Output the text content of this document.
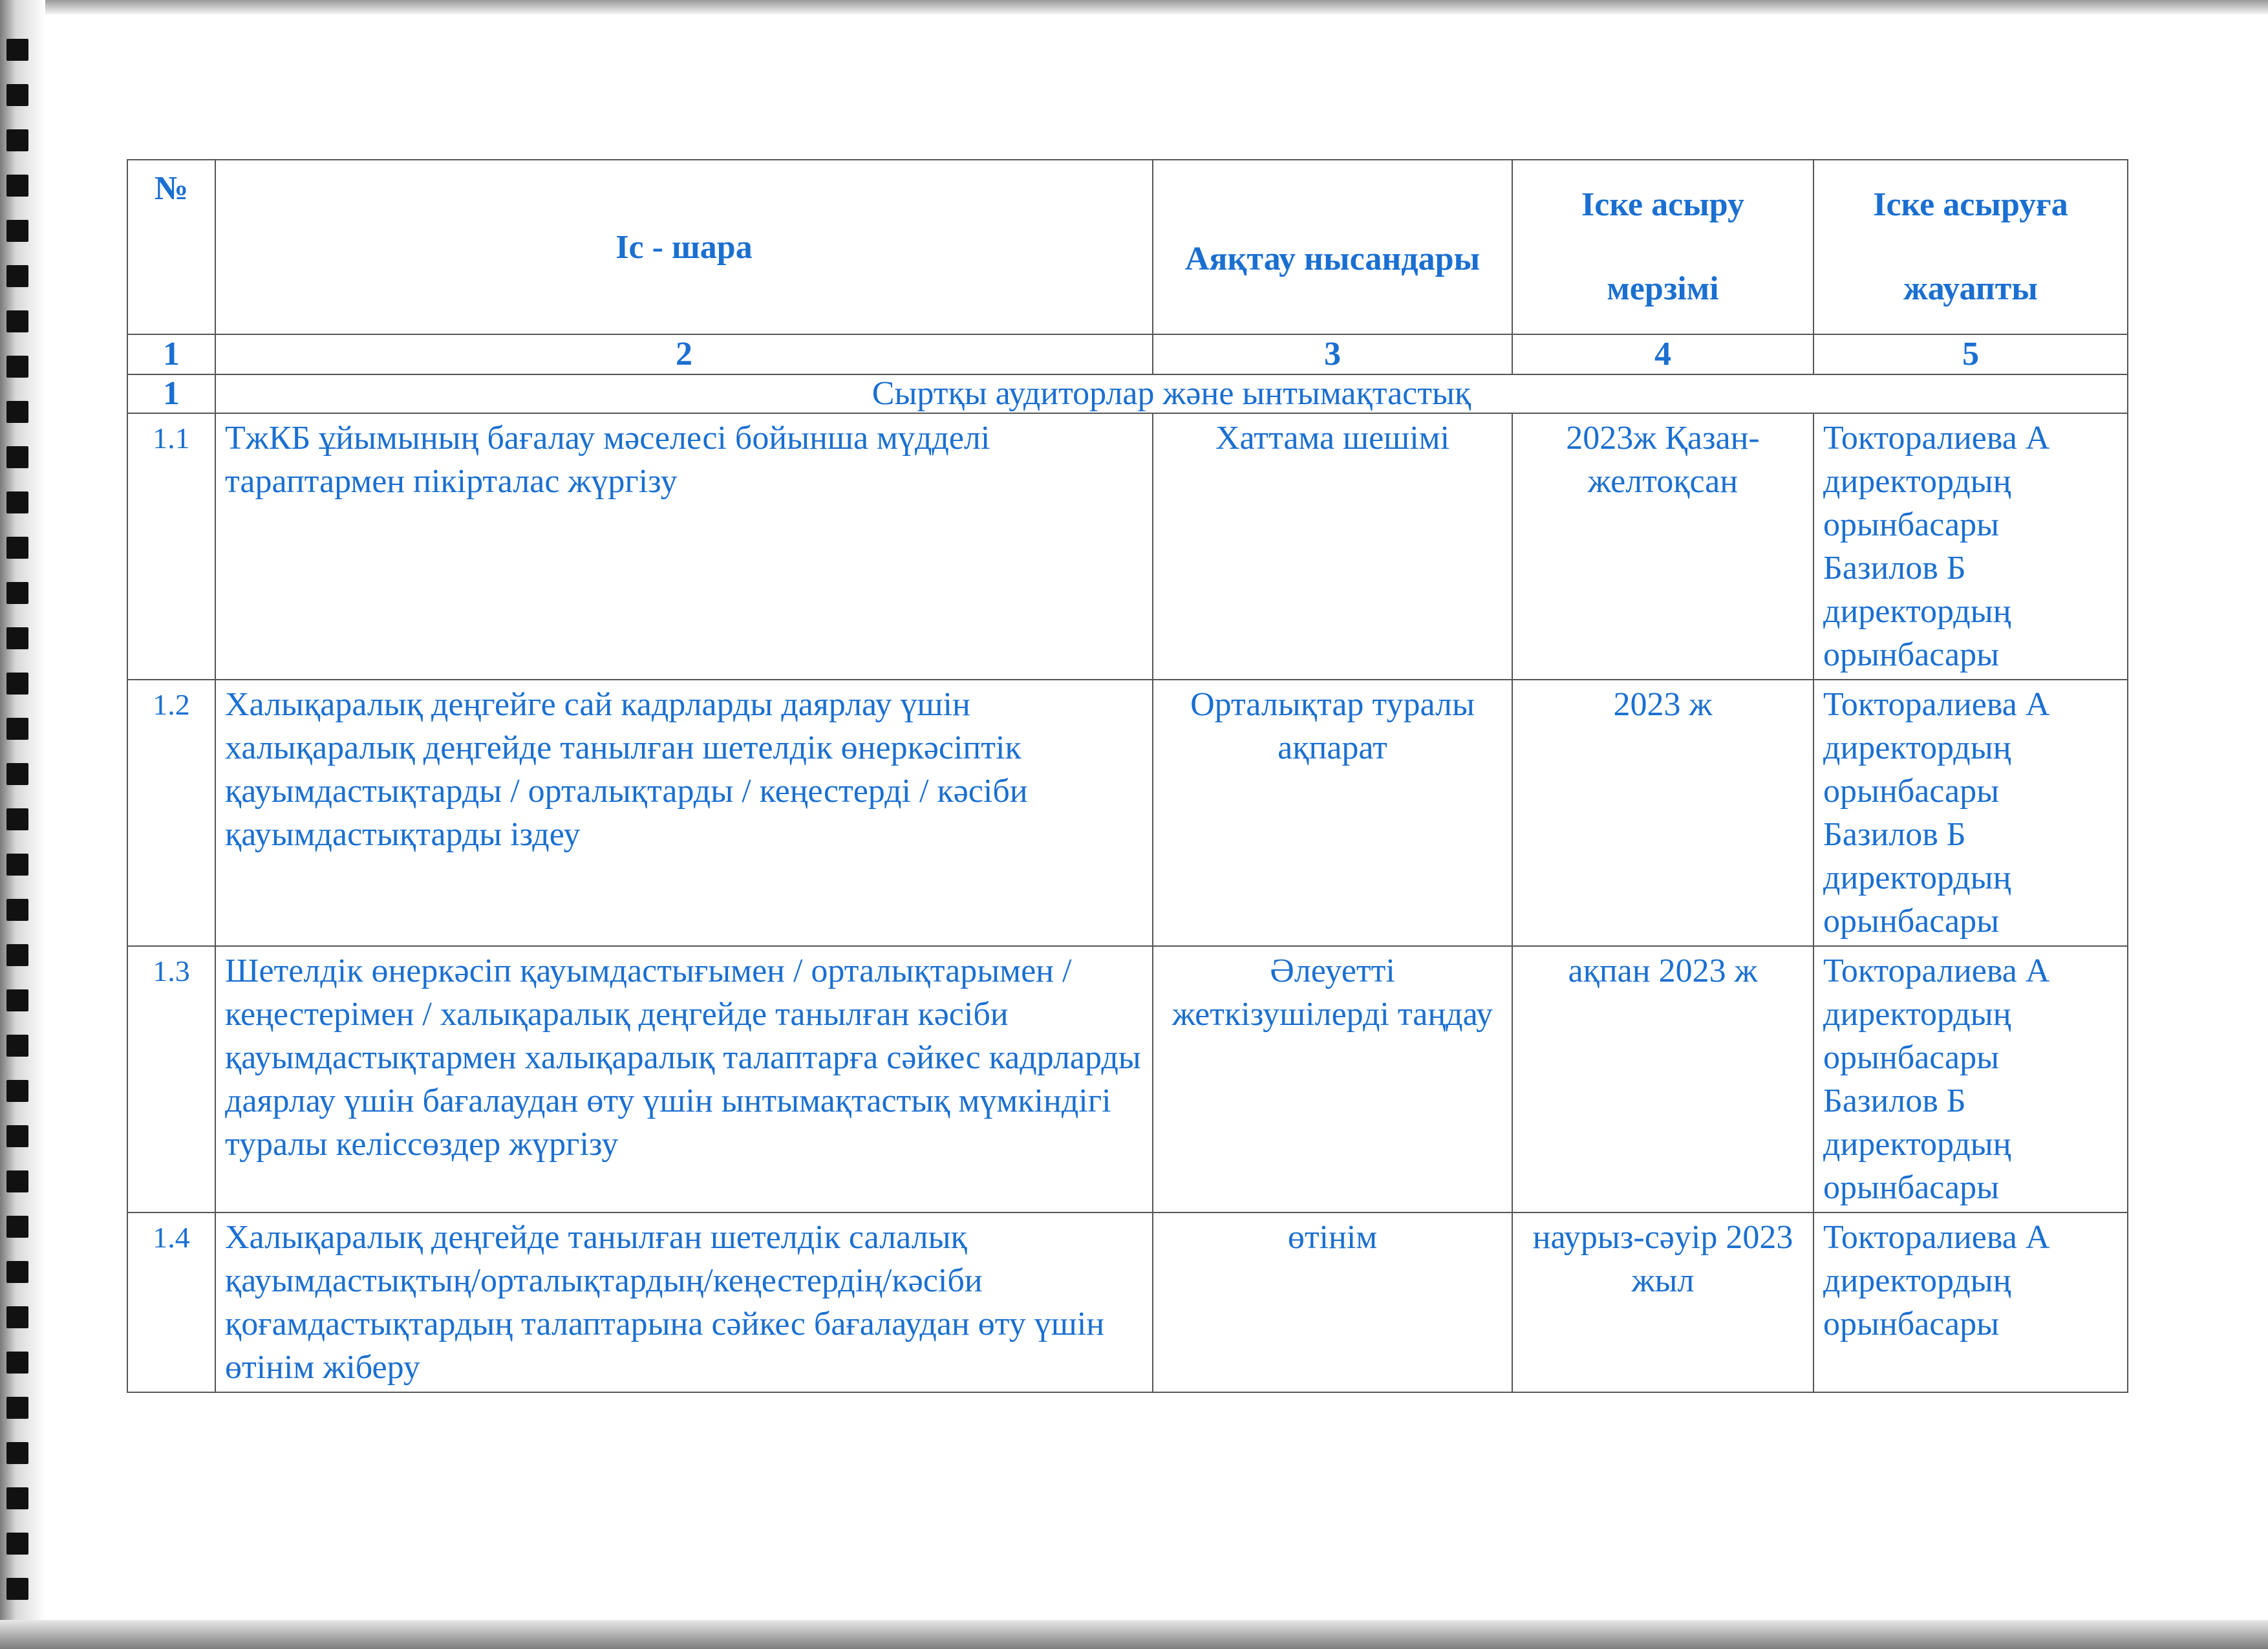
№	Іс - шара	Аяқтау нысандары	Іске асыру мерзімі	Іске асыруға жауапты
1	2	3	4	5
1	Сыртқы аудиторлар және ынтымақтастық			
1.1	ТжКБ ұйымының бағалау мәселесі бойынша мүдделі тараптармен пікірталас жүргізу	Хаттама шешімі	2023ж Қазан-желтоқсан	Токторалиева А директордың орынбасары Базилов Б директордың орынбасары
1.2	Халықаралық деңгейге сай кадрларды даярлау үшін халықаралық деңгейде танылған шетелдік өнеркәсіптік қауымдастықтарды / орталықтарды / кеңестерді / кәсіби қауымдастықтарды іздеу	Орталықтар туралы ақпарат	2023 ж	Токторалиева А директордың орынбасары Базилов Б директордың орынбасары
1.3	Шетелдік өнеркәсіп қауымдастығымен / орталықтарымен / кеңестерімен / халықаралық деңгейде танылған кәсіби қауымдастықтармен халықаралық талаптарға сәйкес кадрларды даярлау үшін бағалаудан өту үшін ынтымақтастық мүмкіндігі туралы келіссөздер жүргізу	Әлеуетті жеткізушілерді таңдау	ақпан 2023 ж	Токторалиева А директордың орынбасары Базилов Б директордың орынбасары
1.4	Халықаралық деңгейде танылған шетелдік салалық қауымдастықтың/орталықтардың/кеңестердің/кәсіби қоғамдастықтардың талаптарына сәйкес бағалаудан өту үшін өтінім жіберу	өтінім	наурыз-сәуір 2023 жыл	Токторалиева А директордың орынбасары
